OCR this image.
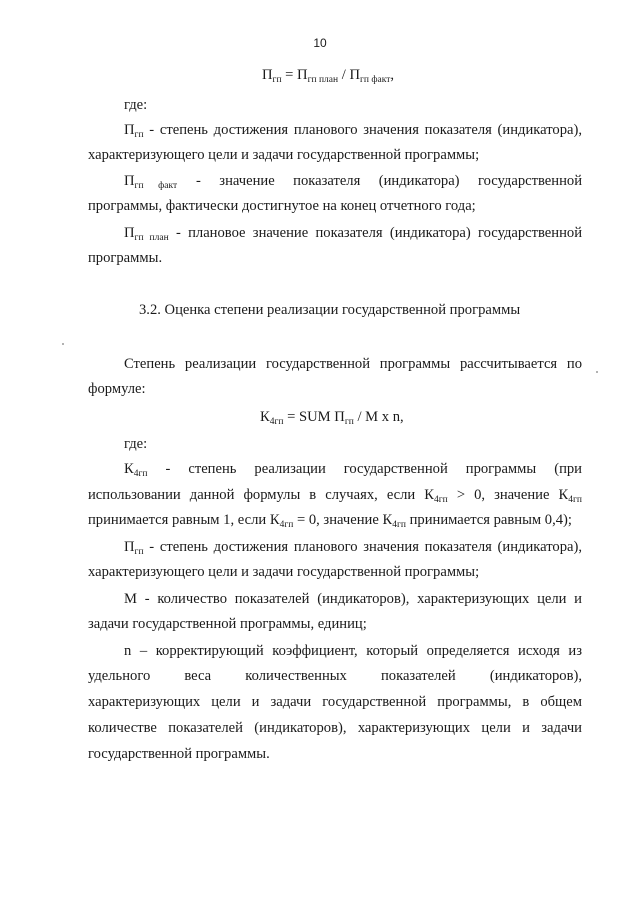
10
$П_{гп} = П_{гп план} / П_{гп факт}$,
где:
$П_{гп}$ - степень достижения планового значения показателя (индикатора),
характеризующего цели и задачи государственной программы;
$П_{гп}$ $_{факт}$ - значение показателя (индикатора) государственной
программы, фактически достигнутое на конец отчетного года;
$П_{гп план}$ - плановое значение показателя (индикатора) государственной
программы.
3.2. Оценка степени реализации государственной программы
Степень реализации государственной программы рассчитывается по
формуле:
$К_{4гп}$ = SUM $П_{гп}$ / M х n,
где:
$К_{4гп}$ - степень реализации государственной программы (при
использовании данной формулы в случаях, если $К_{4гп} > 0$, значение $К_{4гп}$
принимается равным 1, если $К_{4гп} = 0$, значение $К_{4гп}$ принимается равным 0,4);
$П_{гп}$ - степень достижения планового значения показателя (индикатора),
характеризующего цели и задачи государственной программы;
М - количество показателей (индикаторов), характеризующих цели и
задачи государственной программы, единиц;
n – корректирующий коэффициент, который определяется исходя из
удельного веса количественных показателей (индикаторов),
характеризующих цели и задачи государственной программы, в общем
количестве показателей (индикаторов), характеризующих цели и задачи
государственной программы.
